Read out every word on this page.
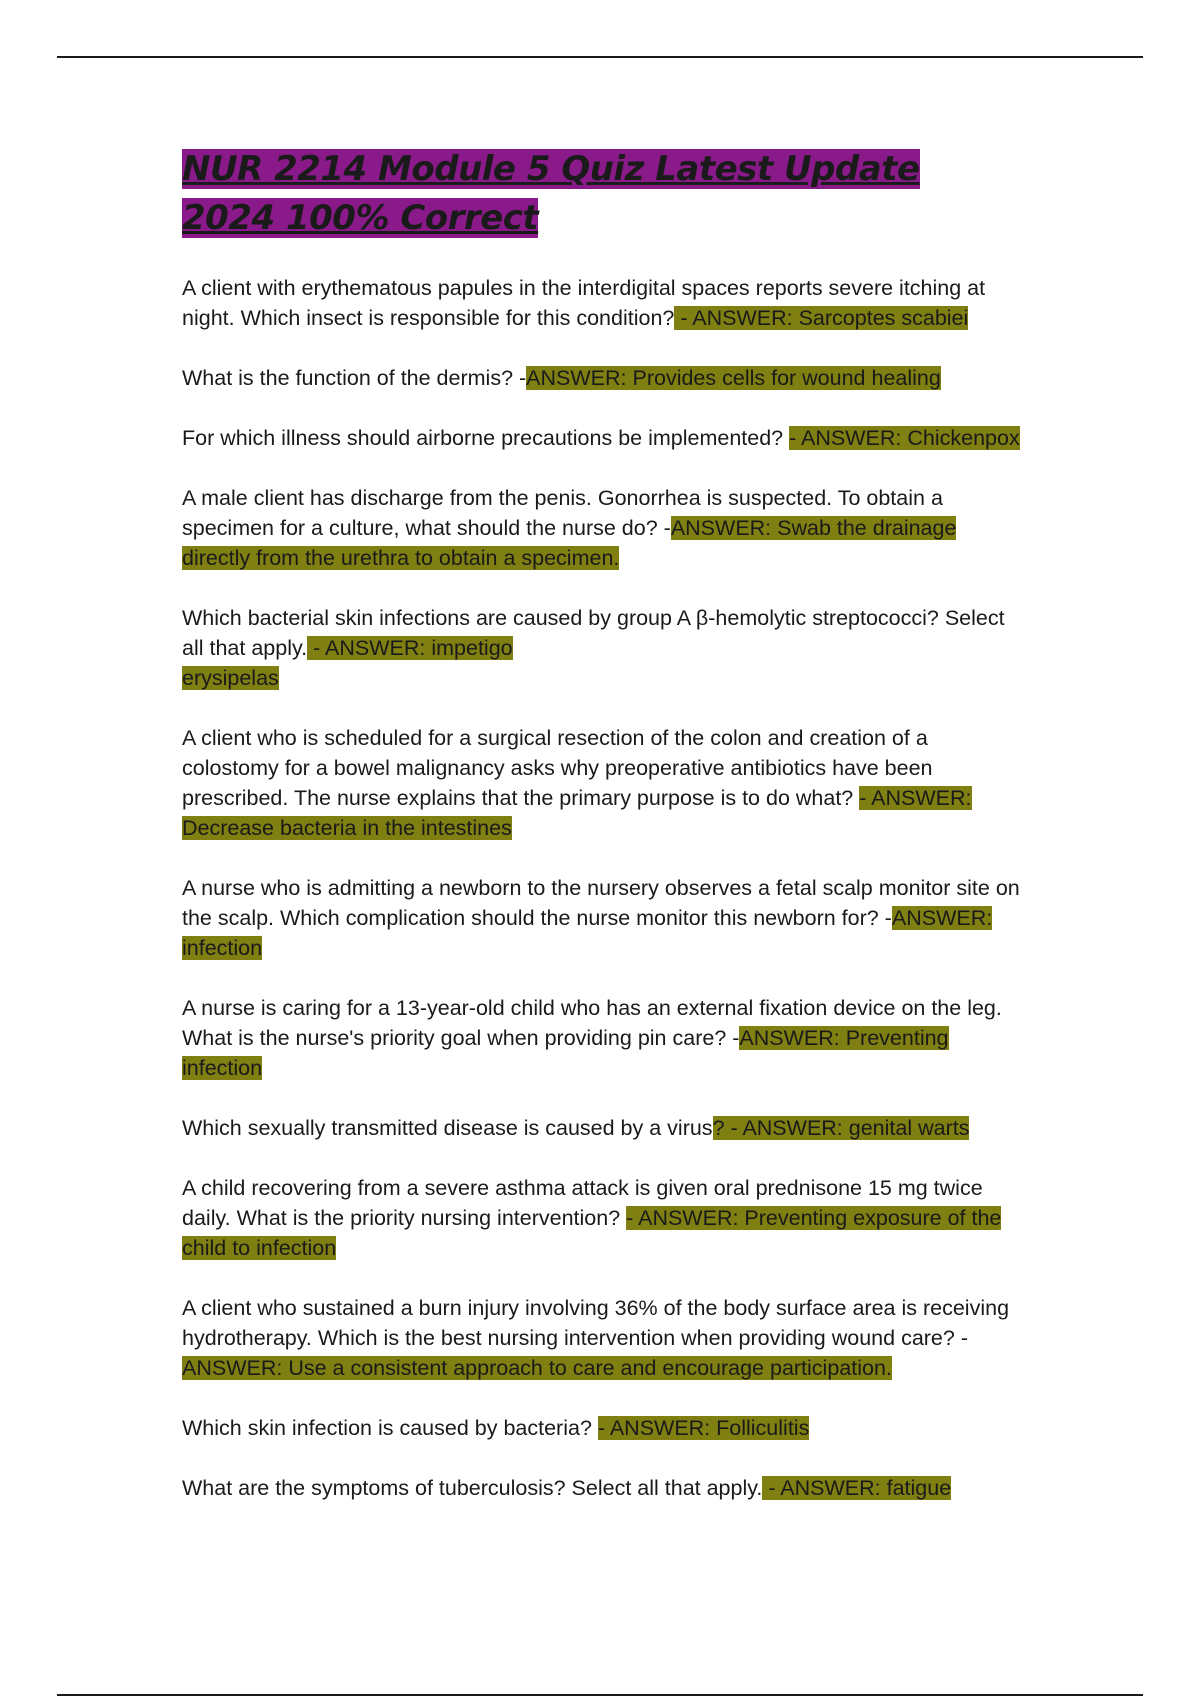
NUR 2214 Module 5 Quiz Latest Update 2024 100% Correct

A client with erythematous papules in the interdigital spaces reports severe itching at night. Which insect is responsible for this condition? - ANSWER: Sarcoptes scabiei

What is the function of the dermis? -ANSWER: Provides cells for wound healing

For which illness should airborne precautions be implemented? - ANSWER: Chickenpox

A male client has discharge from the penis. Gonorrhea is suspected. To obtain a specimen for a culture, what should the nurse do? -ANSWER: Swab the drainage directly from the urethra to obtain a specimen.

Which bacterial skin infections are caused by group A β-hemolytic streptococci? Select all that apply. - ANSWER: impetigo
erysipelas

A client who is scheduled for a surgical resection of the colon and creation of a colostomy for a bowel malignancy asks why preoperative antibiotics have been prescribed. The nurse explains that the primary purpose is to do what? - ANSWER: Decrease bacteria in the intestines

A nurse who is admitting a newborn to the nursery observes a fetal scalp monitor site on the scalp. Which complication should the nurse monitor this newborn for? -ANSWER: infection

A nurse is caring for a 13-year-old child who has an external fixation device on the leg. What is the nurse's priority goal when providing pin care? -ANSWER: Preventing infection

Which sexually transmitted disease is caused by a virus? - ANSWER: genital warts

A child recovering from a severe asthma attack is given oral prednisone 15 mg twice daily. What is the priority nursing intervention? - ANSWER: Preventing exposure of the child to infection

A client who sustained a burn injury involving 36% of the body surface area is receiving hydrotherapy. Which is the best nursing intervention when providing wound care? - ANSWER: Use a consistent approach to care and encourage participation.

Which skin infection is caused by bacteria? - ANSWER: Folliculitis

What are the symptoms of tuberculosis? Select all that apply. - ANSWER: fatigue
